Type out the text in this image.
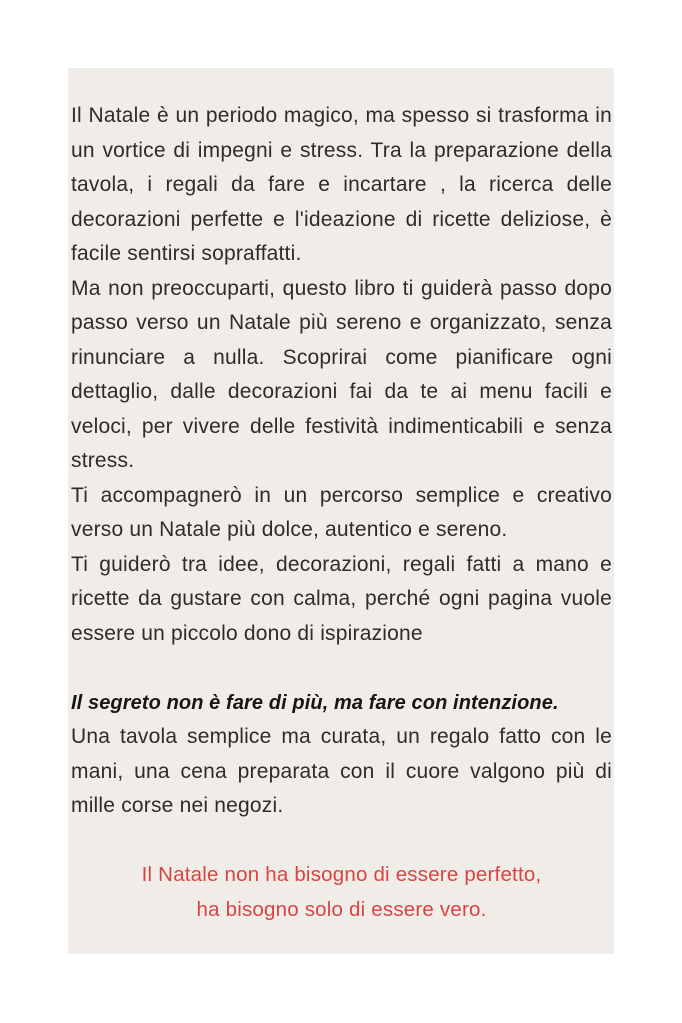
Il Natale è un periodo magico, ma spesso si trasforma in un vortice di impegni e stress. Tra la preparazione della tavola, i regali da fare e incartare , la ricerca delle decorazioni perfette e l'ideazione di ricette deliziose, è facile sentirsi sopraffatti.

Ma non preoccuparti, questo libro ti guiderà passo dopo passo verso un Natale più sereno e organizzato, senza rinunciare a nulla. Scoprirai come pianificare ogni dettaglio, dalle decorazioni fai da te ai menu facili e veloci, per vivere delle festività indimenticabili e senza stress.

Ti accompagnerò in un percorso semplice e creativo verso un Natale più dolce, autentico e sereno.

Ti guiderò tra idee, decorazioni, regali fatti a mano e ricette da gustare con calma, perché ogni pagina vuole essere un piccolo dono di ispirazione

Il segreto non è fare di più, ma fare con intenzione.

Una tavola semplice ma curata, un regalo fatto con le mani, una cena preparata con il cuore valgono più di mille corse nei negozi.

Il Natale non ha bisogno di essere perfetto,
ha bisogno solo di essere vero.
